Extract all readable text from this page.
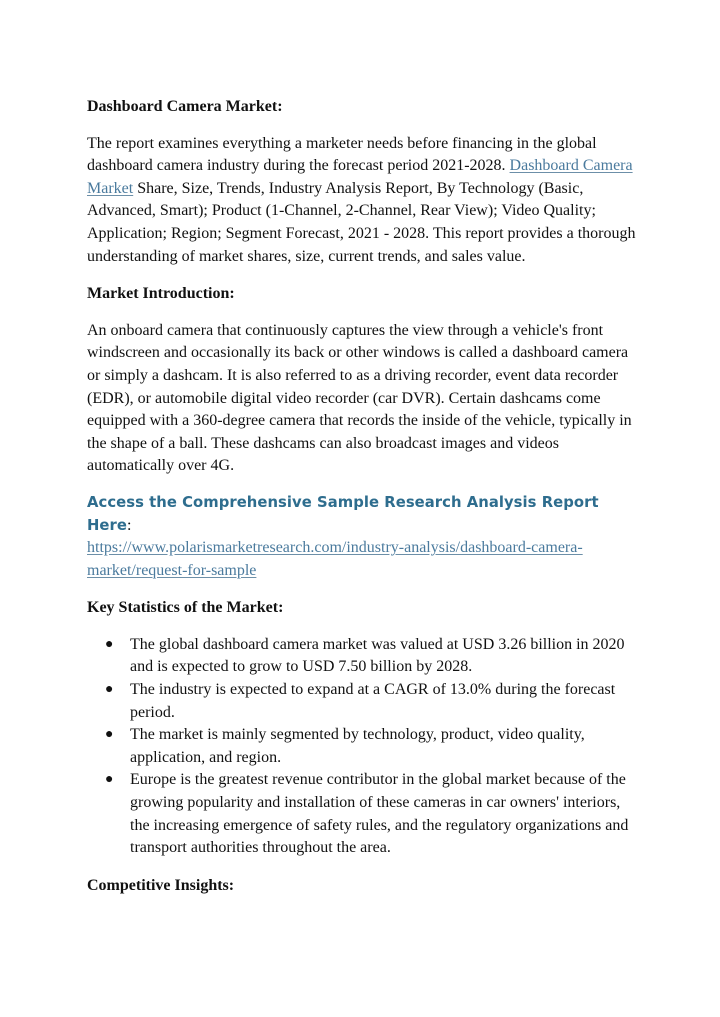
Dashboard Camera Market:

The report examines everything a marketer needs before financing in the global dashboard camera industry during the forecast period 2021-2028. Dashboard Camera Market Share, Size, Trends, Industry Analysis Report, By Technology (Basic, Advanced, Smart); Product (1-Channel, 2-Channel, Rear View); Video Quality; Application; Region; Segment Forecast, 2021 - 2028. This report provides a thorough understanding of market shares, size, current trends, and sales value.

Market Introduction:

An onboard camera that continuously captures the view through a vehicle's front windscreen and occasionally its back or other windows is called a dashboard camera or simply a dashcam. It is also referred to as a driving recorder, event data recorder (EDR), or automobile digital video recorder (car DVR). Certain dashcams come equipped with a 360-degree camera that records the inside of the vehicle, typically in the shape of a ball. These dashcams can also broadcast images and videos automatically over 4G.

Access the Comprehensive Sample Research Analysis Report Here:
https://www.polarismarketresearch.com/industry-analysis/dashboard-camera-market/request-for-sample

Key Statistics of the Market:

● The global dashboard camera market was valued at USD 3.26 billion in 2020 and is expected to grow to USD 7.50 billion by 2028.
● The industry is expected to expand at a CAGR of 13.0% during the forecast period.
● The market is mainly segmented by technology, product, video quality, application, and region.
● Europe is the greatest revenue contributor in the global market because of the growing popularity and installation of these cameras in car owners' interiors, the increasing emergence of safety rules, and the regulatory organizations and transport authorities throughout the area.

Competitive Insights:
